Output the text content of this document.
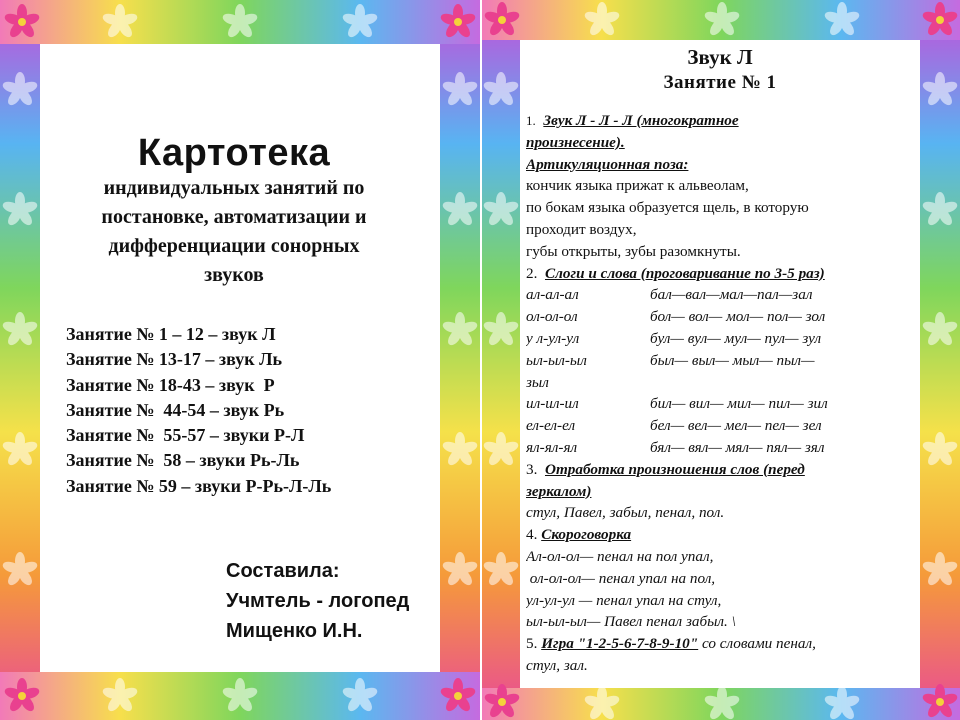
Картотека
индивидуальных занятий по
постановке, автоматизации и
дифференциации сонорных
звуков
Занятие № 1 – 12 – звук Л
Занятие № 13-17 – звук Ль
Занятие № 18-43 – звук  Р
Занятие №  44-54 – звук Рь
Занятие №  55-57 – звуки Р-Л
Занятие №  58 – звуки Рь-Ль
Занятие № 59 – звуки Р-Рь-Л-Ль
Составила:
Учмтель - логопед
Мищенко И.Н.
Звук Л
Занятие № 1
1. Звук Л - Л - Л (многократное
произнесение).
Артикуляционная поза:
кончик языка прижат к альвеолам,
по бокам языка образуется щель, в которую
проходит воздух,
губы открыты, зубы разомкнуты.
2. Слоги и слова (проговаривание по 3-5 раз)
ал-ал-ал	бал—вал—мал—пал—зал
ол-ол-ол	бол— вол— мол— пол— зол
у л-ул-ул	бул— вул— мул— пул— зул
ыл-ыл-ыл	был— выл— мыл— пыл—
зыл
ил-ил-ил	бил— вил— мил— пил— зил
ел-ел-ел	бел— вел— мел— пел— зел
ял-ял-ял	бял— вял— мял— пял— зял
3. Отработка произношения слов (перед
зеркалом)
стул, Павел, забыл, пенал, пол.
4. Скороговорка
Ал-ол-ол— пенал на пол упал,
ол-ол-ол— пенал упал на пол,
ул-ул-ул — пенал упал на стул,
ыл-ыл-ыл— Павел пенал забыл. \
5. Игра "1-2-5-6-7-8-9-10" со словами пенал,
стул, зал.
